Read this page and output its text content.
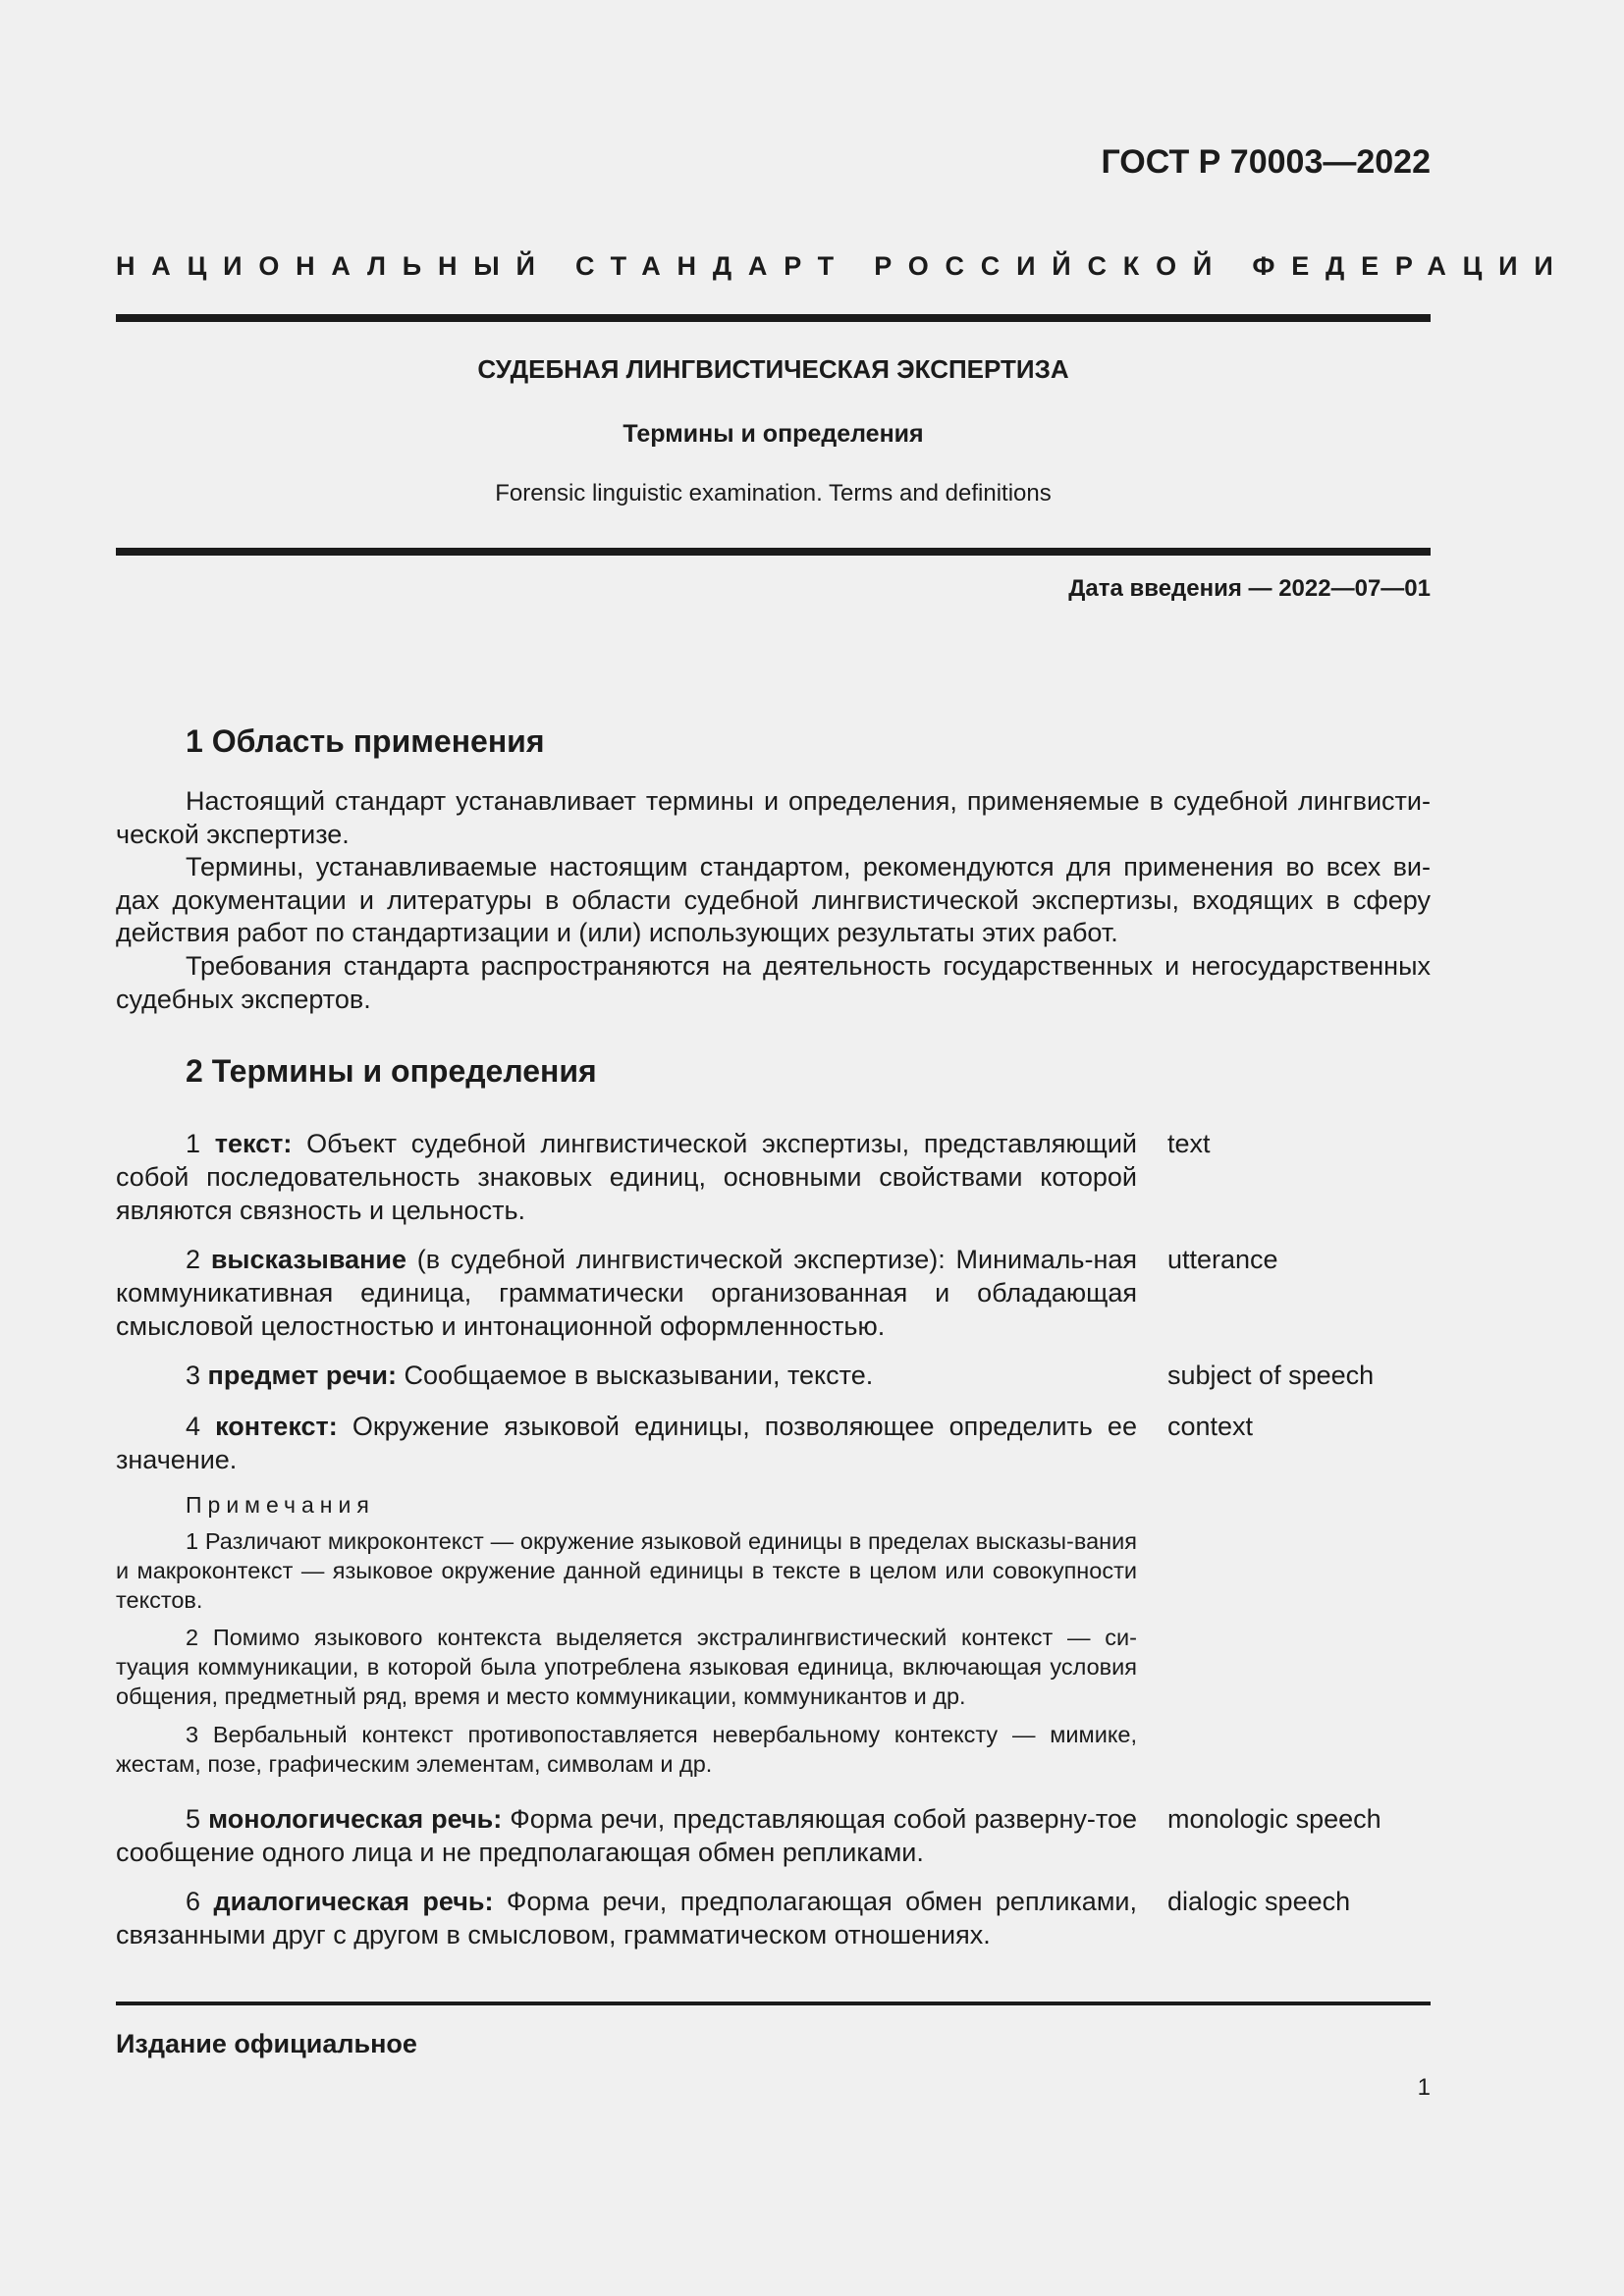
ГОСТ Р 70003—2022
НАЦИОНАЛЬНЫЙ СТАНДАРТ РОССИЙСКОЙ ФЕДЕРАЦИИ
СУДЕБНАЯ ЛИНГВИСТИЧЕСКАЯ ЭКСПЕРТИЗА
Термины и определения
Forensic linguistic examination. Terms and definitions
Дата введения — 2022—07—01
1 Область применения

Настоящий стандарт устанавливает термины и определения, применяемые в судебной лингвисти-ческой экспертизе.

Термины, устанавливаемые настоящим стандартом, рекомендуются для применения во всех ви-дах документации и литературы в области судебной лингвистической экспертизы, входящих в сферу действия работ по стандартизации и (или) использующих результаты этих работ.

Требования стандарта распространяются на деятельность государственных и негосударственных судебных экспертов.

2 Термины и определения

1 текст: Объект судебной лингвистической экспертизы, представляющий собой последовательность знаковых единиц, основными свойствами которой являются связность и цельность.

text

2 высказывание (в судебной лингвистической экспертизе): Минималь-ная коммуникативная единица, грамматически организованная и обладающая смысловой целостностью и интонационной оформленностью.

utterance

3 предмет речи: Сообщаемое в высказывании, тексте.	subject of speech

4 контекст: Окружение языковой единицы, позволяющее определить ее значение.

context
Примечания

1 Различают микроконтекст — окружение языковой единицы в пределах высказы-вания и макроконтекст — языковое окружение данной единицы в тексте в целом или совокупности текстов.

2 Помимо языкового контекста выделяется экстралингвистический контекст — си-туация коммуникации, в которой была употреблена языковая единица, включающая условия общения, предметный ряд, время и место коммуникации, коммуникантов и др.

3 Вербальный контекст противопоставляется невербальному контексту — мимике, жестам, позе, графическим элементам, символам и др.

5 монологическая речь: Форма речи, представляющая собой разверну-тое сообщение одного лица и не предполагающая обмен репликами.

monologic speech

6 диалогическая речь: Форма речи, предполагающая обмен репликами, связанными друг с другом в смысловом, грамматическом отношениях.

dialogic speech
Издание официальное
1
